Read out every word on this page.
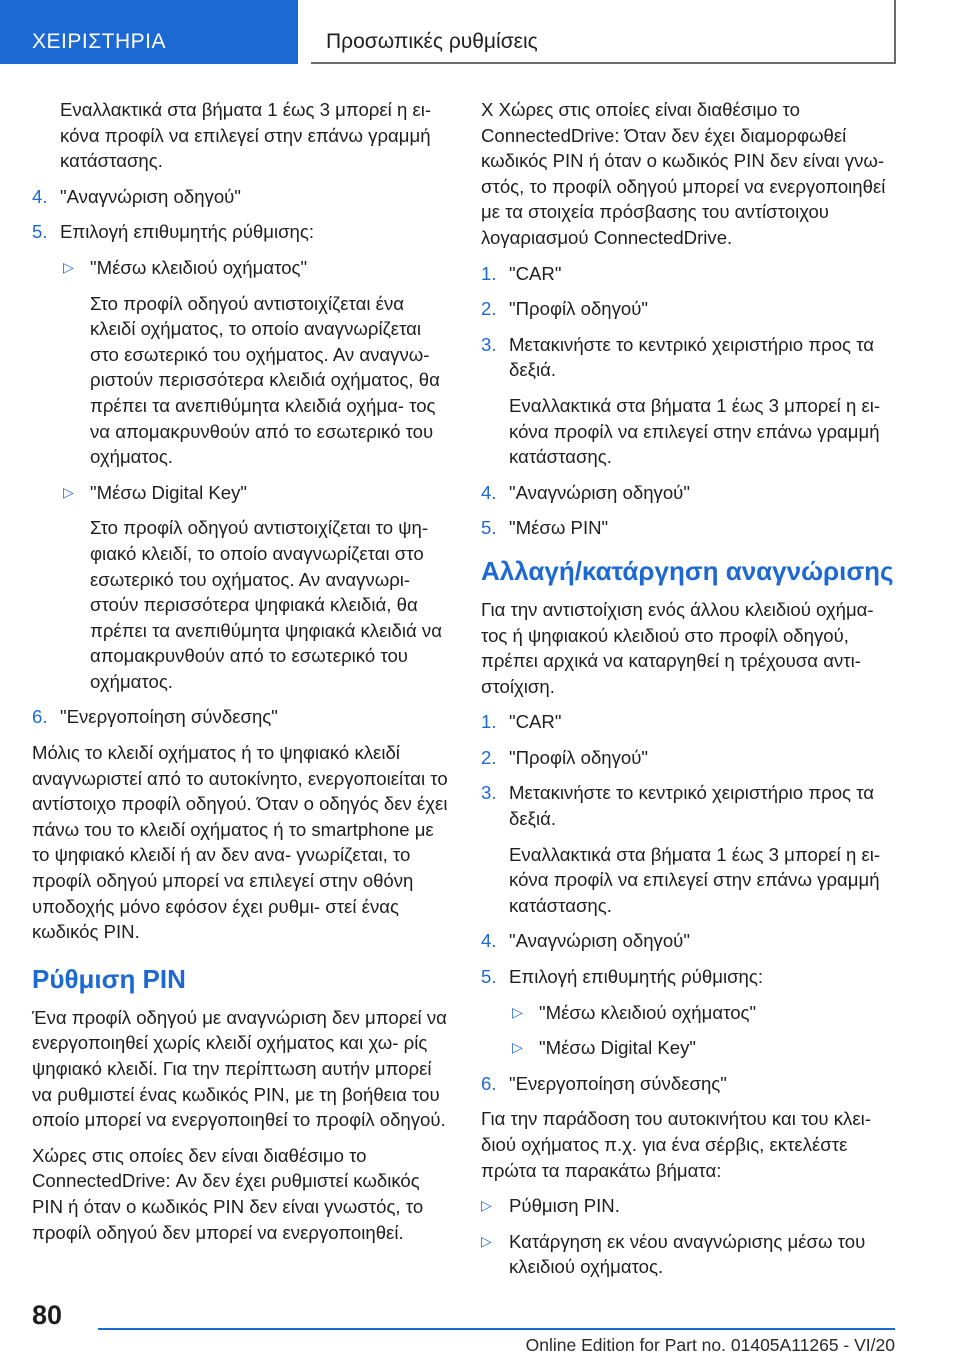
ΧΕΙΡΙΣΤΗΡΙΑ	Προσωπικές ρυθμίσεις
Εναλλακτικά στα βήματα 1 έως 3 μπορεί η ει‐ κόνα προφίλ να επιλεγεί στην επάνω γραμμή κατάστασης.
4. "Αναγνώριση οδηγού"
5. Επιλογή επιθυμητής ρύθμισης:
▷ "Μέσω κλειδιού οχήματος"
Στο προφίλ οδηγού αντιστοιχίζεται ένα κλειδί οχήματος, το οποίο αναγνωρίζεται στο εσωτερικό του οχήματος. Αν αναγνω‐ ριστούν περισσότερα κλειδιά οχήματος, θα πρέπει τα ανεπιθύμητα κλειδιά οχήμα‐ τος να απομακρυνθούν από το εσωτερικό του οχήματος.
▷ "Μέσω Digital Key"
Στο προφίλ οδηγού αντιστοιχίζεται το ψη‐ φιακό κλειδί, το οποίο αναγνωρίζεται στο εσωτερικό του οχήματος. Αν αναγνωρι‐ στούν περισσότερα ψηφιακά κλειδιά, θα πρέπει τα ανεπιθύμητα ψηφιακά κλειδιά να απομακρυνθούν από το εσωτερικό του οχήματος.
6. "Ενεργοποίηση σύνδεσης"
Μόλις το κλειδί οχήματος ή το ψηφιακό κλειδί αναγνωριστεί από το αυτοκίνητο, ενεργοποιείται το αντίστοιχο προφίλ οδηγού. Όταν ο οδηγός δεν έχει πάνω του το κλειδί οχήματος ή το smartphone με το ψηφιακό κλειδί ή αν δεν ανα‐ γνωρίζεται, το προφίλ οδηγού μπορεί να επιλεγεί στην οθόνη υποδοχής μόνο εφόσον έχει ρυθμι‐ στεί ένας κωδικός PIN.
Ρύθμιση PIN
Ένα προφίλ οδηγού με αναγνώριση δεν μπορεί να ενεργοποιηθεί χωρίς κλειδί οχήματος και χω‐ ρίς ψηφιακό κλειδί. Για την περίπτωση αυτήν μπορεί να ρυθμιστεί ένας κωδικός PIN, με τη βοήθεια του οποίο μπορεί να ενεργοποιηθεί το προφίλ οδηγού.
Χώρες στις οποίες δεν είναι διαθέσιμο το ConnectedDrive: Αν δεν έχει ρυθμιστεί κωδικός PIN ή όταν ο κωδικός PIN δεν είναι γνωστός, το προφίλ οδηγού δεν μπορεί να ενεργοποιηθεί.
Χ Χώρες στις οποίες είναι διαθέσιμο το ConnectedDrive: Όταν δεν έχει διαμορφωθεί κωδικός PIN ή όταν ο κωδικός PIN δεν είναι γνω‐ στός, το προφίλ οδηγού μπορεί να ενεργοποιηθεί με τα στοιχεία πρόσβασης του αντίστοιχου λογαριασμού ConnectedDrive.
1. "CAR"
2. "Προφίλ οδηγού"
3. Μετακινήστε το κεντρικό χειριστήριο προς τα δεξιά.
Εναλλακτικά στα βήματα 1 έως 3 μπορεί η ει‐ κόνα προφίλ να επιλεγεί στην επάνω γραμμή κατάστασης.
4. "Αναγνώριση οδηγού"
5. "Μέσω PIN"
Αλλαγή/κατάργηση αναγνώρισης
Για την αντιστοίχιση ενός άλλου κλειδιού οχήμα‐ τος ή ψηφιακού κλειδιού στο προφίλ οδηγού, πρέπει αρχικά να καταργηθεί η τρέχουσα αντι‐ στοίχιση.
1. "CAR"
2. "Προφίλ οδηγού"
3. Μετακινήστε το κεντρικό χειριστήριο προς τα δεξιά.
Εναλλακτικά στα βήματα 1 έως 3 μπορεί η ει‐ κόνα προφίλ να επιλεγεί στην επάνω γραμμή κατάστασης.
4. "Αναγνώριση οδηγού"
5. Επιλογή επιθυμητής ρύθμισης:
▷ "Μέσω κλειδιού οχήματος"
▷ "Μέσω Digital Key"
6. "Ενεργοποίηση σύνδεσης"
Για την παράδοση του αυτοκινήτου και του κλει‐ διού οχήματος π.χ. για ένα σέρβις, εκτελέστε πρώτα τα παρακάτω βήματα:
▷ Ρύθμιση PIN.
▷ Κατάργηση εκ νέου αναγνώρισης μέσω του κλειδιού οχήματος.
80
Online Edition for Part no. 01405A11265 - VI/20
